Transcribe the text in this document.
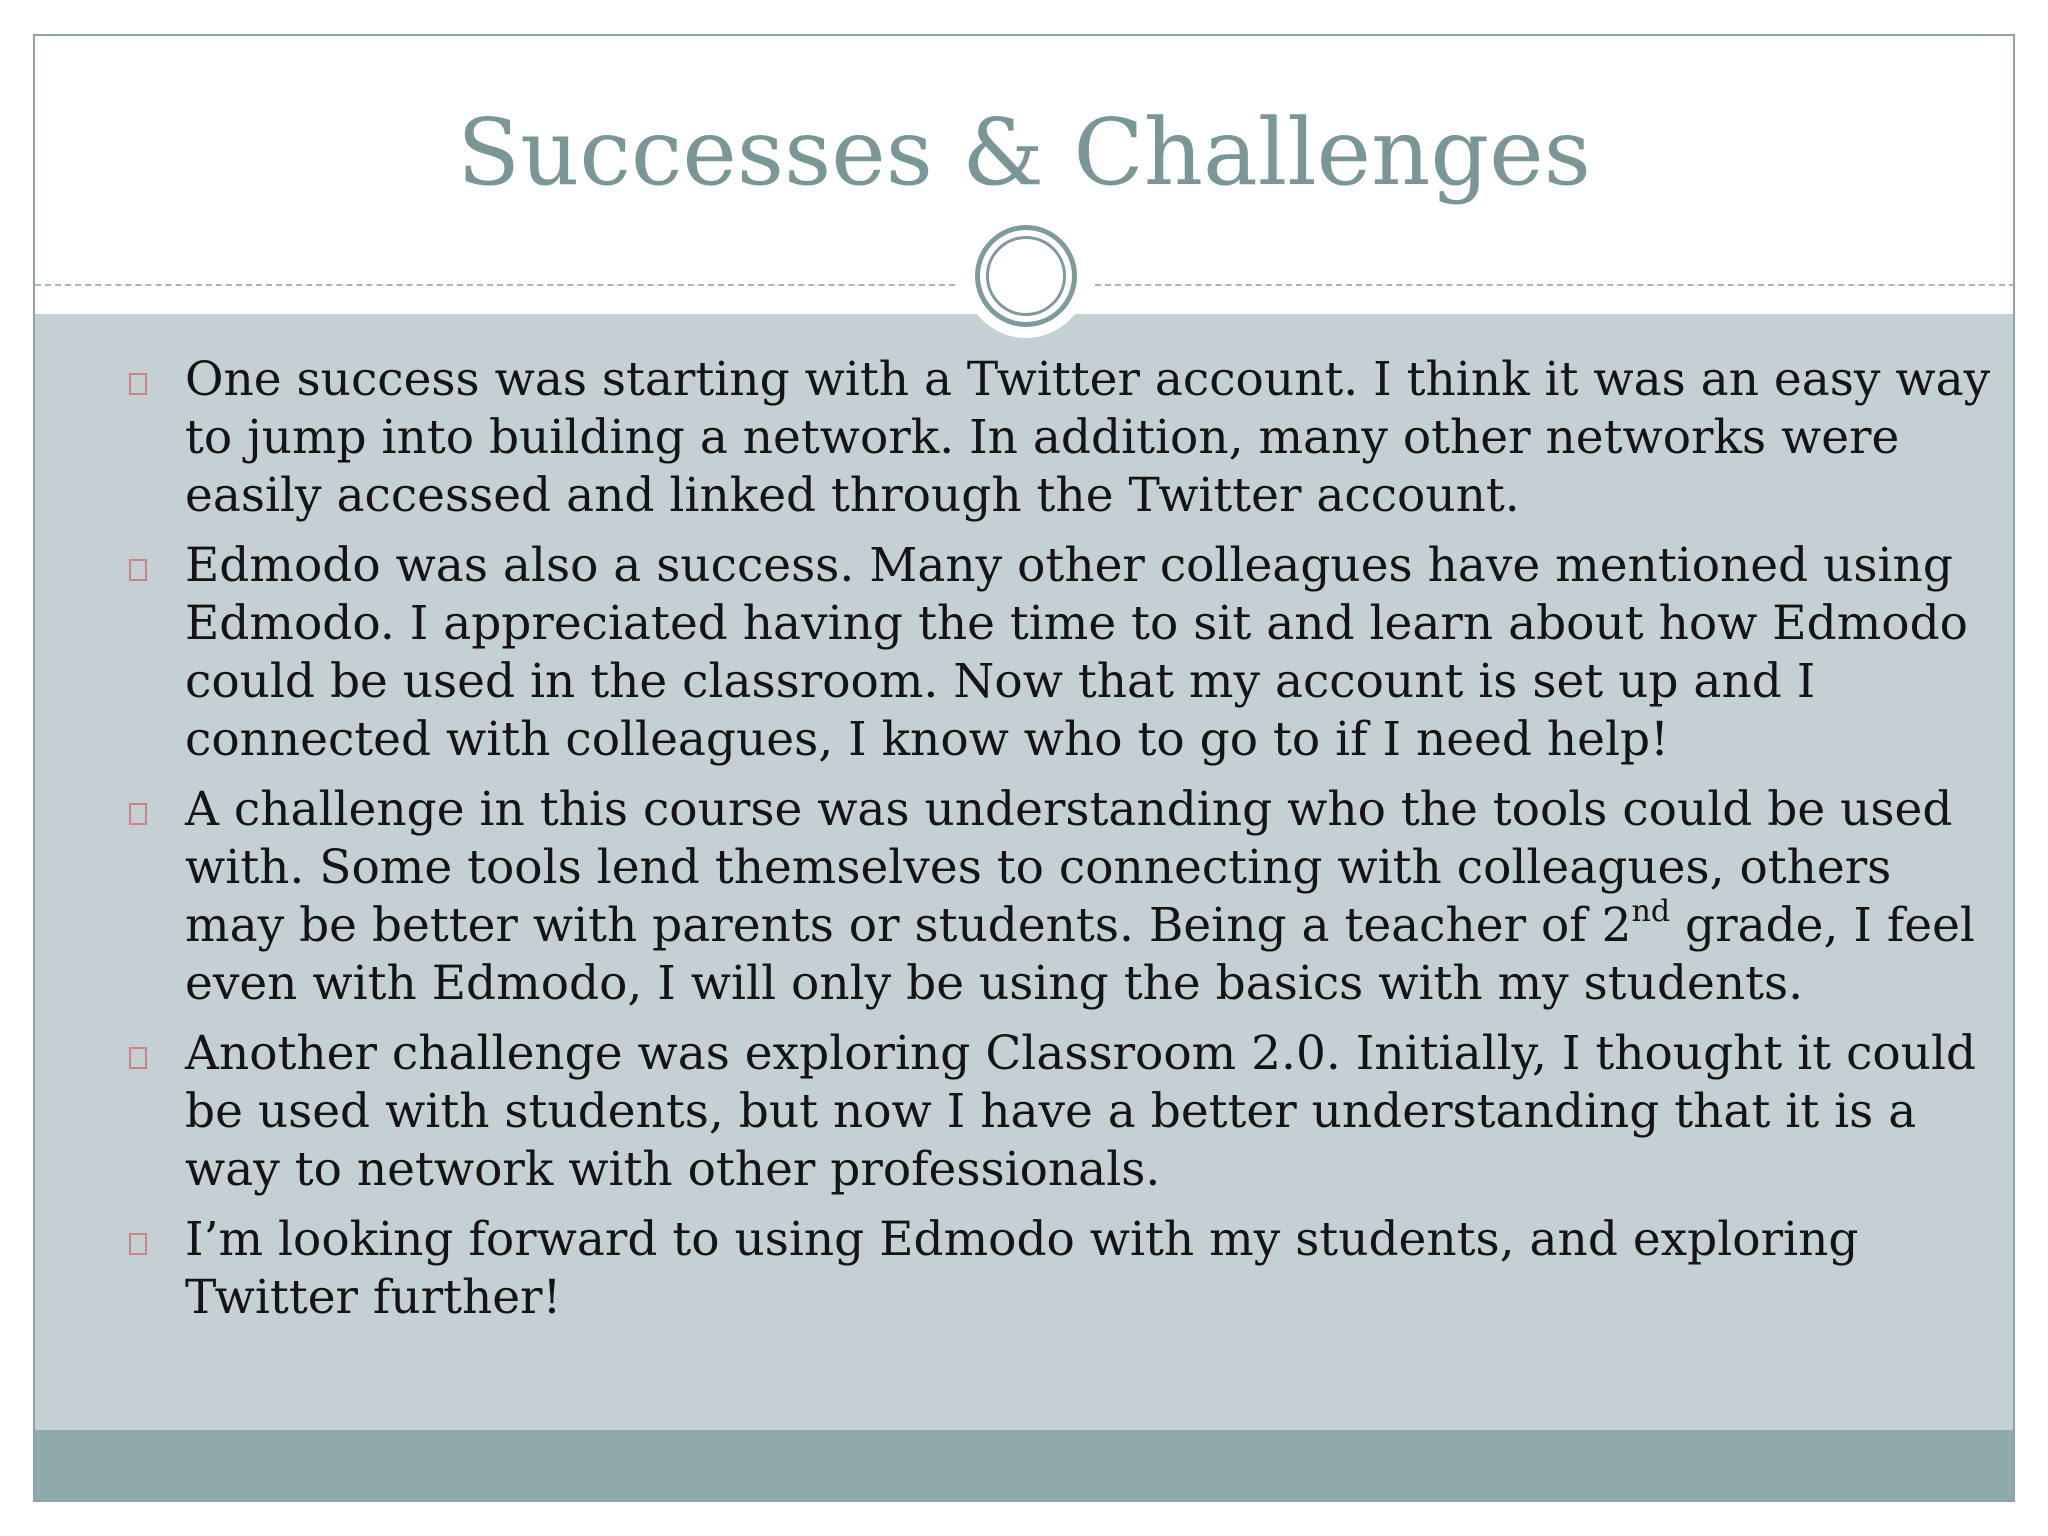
Successes & Challenges
One success was starting with a Twitter account. I think it was an easy way to jump into building a network. In addition, many other networks were easily accessed and linked through the Twitter account.
Edmodo was also a success. Many other colleagues have mentioned using Edmodo. I appreciated having the time to sit and learn about how Edmodo could be used in the classroom. Now that my account is set up and I connected with colleagues, I know who to go to if I need help!
A challenge in this course was understanding who the tools could be used with. Some tools lend themselves to connecting with colleagues, others may be better with parents or students. Being a teacher of 2nd grade, I feel even with Edmodo, I will only be using the basics with my students.
Another challenge was exploring Classroom 2.0. Initially, I thought it could be used with students, but now I have a better understanding that it is a way to network with other professionals.
I’m looking forward to using Edmodo with my students, and exploring Twitter further!
